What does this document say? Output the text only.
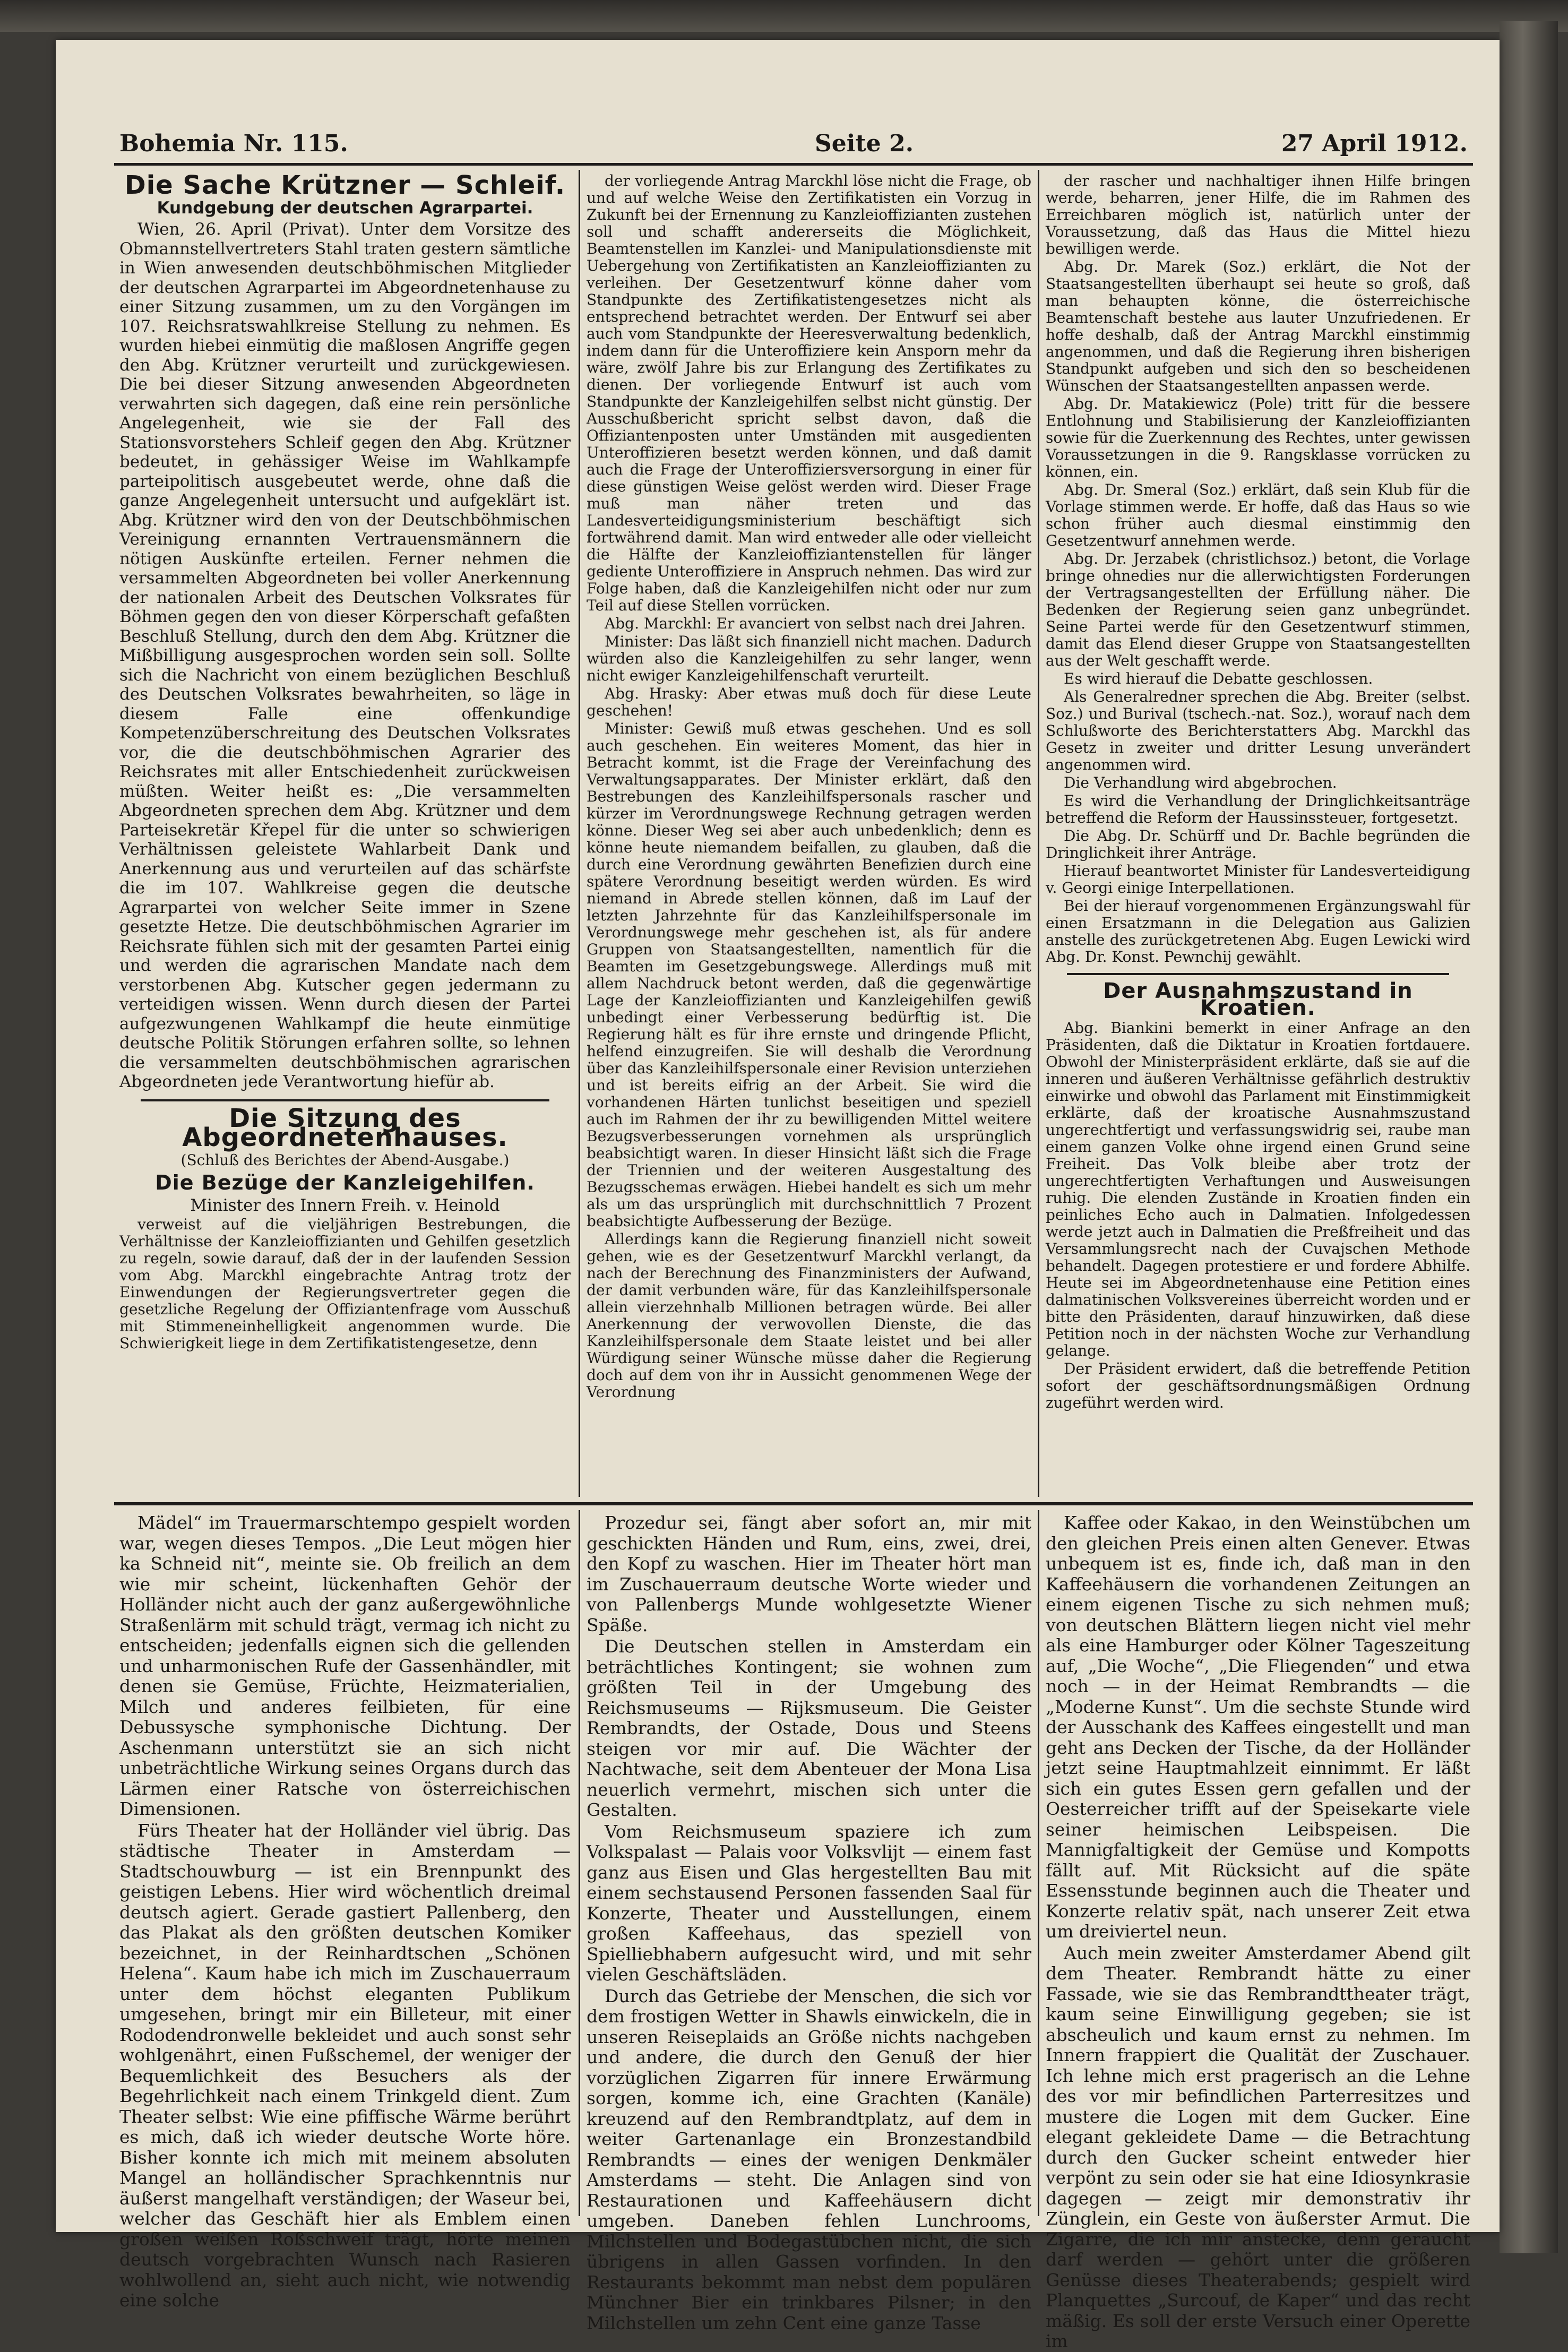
Bohemia Nr. 115.	Seite 2.	27 April 1912.
Die Sache Krützner — Schleif.
Kundgebung der deutschen Agrarpartei.

Wien, 26. April (Privat). Unter dem Vorsitze des Obmannstellvertreters Stahl traten gestern sämtliche in Wien anwesenden deutschböhmischen Mitglieder der deutschen Agrarpartei im Abgeordnetenhause zu einer Sitzung zusammen, um zu den Vorgängen im 107. Reichsratswahlkreise Stellung zu nehmen. Es wurden hiebei einmütig die maßlosen Angriffe gegen den Abg. Krützner verurteilt und zurückgewiesen. Die bei dieser Sitzung anwesenden Abgeordneten verwahrten sich dagegen, daß eine rein persönliche Angelegenheit, wie sie der Fall des Stationsvorstehers Schleif gegen den Abg. Krützner bedeutet, in gehässiger Weise im Wahlkampfe parteipolitisch ausgebeutet werde, ohne daß die ganze Angelegenheit untersucht und aufgeklärt ist. Abg. Krützner wird den von der Deutschböhmischen Vereinigung ernannten Vertrauensmännern die nötigen Auskünfte erteilen. Ferner nehmen die versammelten Abgeordneten bei voller Anerkennung der nationalen Arbeit des Deutschen Volksrates für Böhmen gegen den von dieser Körperschaft gefaßten Beschluß Stellung, durch den dem Abg. Krützner die Mißbilligung ausgesprochen worden sein soll. Sollte sich die Nachricht von einem bezüglichen Beschluß des Deutschen Volksrates bewahrheiten, so läge in diesem Falle eine offenkundige Kompetenzüberschreitung des Deutschen Volksrates vor, die die deutschböhmischen Agrarier des Reichsrates mit aller Entschiedenheit zurückweisen müßten. Weiter heißt es: „Die versammelten Abgeordneten sprechen dem Abg. Krützner und dem Parteisekretär Křepel für die unter so schwierigen Verhältnissen geleistete Wahlarbeit Dank und Anerkennung aus und verurteilen auf das schärfste die im 107. Wahlkreise gegen die deutsche Agrarpartei von welcher Seite immer in Szene gesetzte Hetze. Die deutschböhmischen Agrarier im Reichsrate fühlen sich mit der gesamten Partei einig und werden die agrarischen Mandate nach dem verstorbenen Abg. Kutscher gegen jedermann zu verteidigen wissen. Wenn durch diesen der Partei aufgezwungenen Wahlkampf die heute einmütige deutsche Politik Störungen erfahren sollte, so lehnen die versammelten deutschböhmischen agrarischen Abgeordneten jede Verantwortung hiefür ab.

Die Sitzung des Abgeordnetenhauses.
(Schluß des Berichtes der Abend-Ausgabe.)
Die Bezüge der Kanzleigehilfen.

Minister des Innern Freih. v. Heinold

verweist auf die vieljährigen Bestrebungen, die Verhältnisse der Kanzleioffizianten und Gehilfen gesetzlich zu regeln, sowie darauf, daß der in der laufenden Session vom Abg. Marckhl eingebrachte Antrag trotz der Einwendungen der Regierungsvertreter gegen die gesetzliche Regelung der Offiziantenfrage vom Ausschuß mit Stimmeneinhelligkeit angenommen wurde. Die Schwierigkeit liege in dem Zertifikatistengesetze, denn

der vorliegende Antrag Marckhl löse nicht die Frage, ob und auf welche Weise den Zertifikatisten ein Vorzug in Zukunft bei der Ernennung zu Kanzleioffizianten zustehen soll und schafft andererseits die Möglichkeit, Beamtenstellen im Kanzlei- und Manipulationsdienste mit Uebergehung von Zertifikatisten an Kanzleioffizianten zu verleihen. Der Gesetzentwurf könne daher vom Standpunkte des Zertifikatistengesetzes nicht als entsprechend betrachtet werden. Der Entwurf sei aber auch vom Standpunkte der Heeresverwaltung bedenklich, indem dann für die Unteroffiziere kein Ansporn mehr da wäre, zwölf Jahre bis zur Erlangung des Zertifikates zu dienen. Der vorliegende Entwurf ist auch vom Standpunkte der Kanzleigehilfen selbst nicht günstig. Der Ausschußbericht spricht selbst davon, daß die Offiziantenposten unter Umständen mit ausgedienten Unteroffizieren besetzt werden können, und daß damit auch die Frage der Unteroffiziersversorgung in einer für diese günstigen Weise gelöst werden wird. Dieser Frage muß man näher treten und das Landesverteidigungsministerium beschäftigt sich fortwährend damit. Man wird entweder alle oder vielleicht die Hälfte der Kanzleioffiziantenstellen für länger gediente Unteroffiziere in Anspruch nehmen. Das wird zur Folge haben, daß die Kanzleigehilfen nicht oder nur zum Teil auf diese Stellen vorrücken.

Abg. Marckhl: Er avanciert von selbst nach drei Jahren.

Minister: Das läßt sich finanziell nicht machen. Dadurch würden also die Kanzleigehilfen zu sehr langer, wenn nicht ewiger Kanzleigehilfenschaft verurteilt.

Abg. Hrasky: Aber etwas muß doch für diese Leute geschehen!

Minister: Gewiß muß etwas geschehen. Und es soll auch geschehen. Ein weiteres Moment, das hier in Betracht kommt, ist die Frage der Vereinfachung des Verwaltungsapparates. Der Minister erklärt, daß den Bestrebungen des Kanzleihilfspersonals rascher und kürzer im Verordnungswege Rechnung getragen werden könne. Dieser Weg sei aber auch unbedenklich; denn es könne heute niemandem beifallen, zu glauben, daß die durch eine Verordnung gewährten Benefizien durch eine spätere Verordnung beseitigt werden würden. Es wird niemand in Abrede stellen können, daß im Lauf der letzten Jahrzehnte für das Kanzleihilfspersonale im Verordnungswege mehr geschehen ist, als für andere Gruppen von Staatsangestellten, namentlich für die Beamten im Gesetzgebungswege. Allerdings muß mit allem Nachdruck betont werden, daß die gegenwärtige Lage der Kanzleioffizianten und Kanzleigehilfen gewiß unbedingt einer Verbesserung bedürftig ist. Die Regierung hält es für ihre ernste und dringende Pflicht, helfend einzugreifen. Sie will deshalb die Verordnung über das Kanzleihilfspersonale einer Revision unterziehen und ist bereits eifrig an der Arbeit. Sie wird die vorhandenen Härten tunlichst beseitigen und speziell auch im Rahmen der ihr zu bewilligenden Mittel weitere Bezugsverbesserungen vornehmen als ursprünglich beabsichtigt waren. In dieser Hinsicht läßt sich die Frage der Triennien und der weiteren Ausgestaltung des Bezugsschemas erwägen. Hiebei handelt es sich um mehr als um das ursprünglich mit durchschnittlich 7 Prozent beabsichtigte Aufbesserung der Bezüge.

Allerdings kann die Regierung finanziell nicht soweit gehen, wie es der Gesetzentwurf Marckhl verlangt, da nach der Berechnung des Finanzministers der Aufwand, der damit verbunden wäre, für das Kanzleihilfspersonale allein vierzehnhalb Millionen betragen würde. Bei aller Anerkennung der verwovollen Dienste, die das Kanzleihilfspersonale dem Staate leistet und bei aller Würdigung seiner Wünsche müsse daher die Regierung doch auf dem von ihr in Aussicht genommenen Wege der Verordnung

der rascher und nachhaltiger ihnen Hilfe bringen werde, beharren, jener Hilfe, die im Rahmen des Erreichbaren möglich ist, natürlich unter der Voraussetzung, daß das Haus die Mittel hiezu bewilligen werde.

Abg. Dr. Marek (Soz.) erklärt, die Not der Staatsangestellten überhaupt sei heute so groß, daß man behaupten könne, die österreichische Beamtenschaft bestehe aus lauter Unzufriedenen. Er hoffe deshalb, daß der Antrag Marckhl einstimmig angenommen, und daß die Regierung ihren bisherigen Standpunkt aufgeben und sich den so bescheidenen Wünschen der Staatsangestellten anpassen werde.

Abg. Dr. Matakiewicz (Pole) tritt für die bessere Entlohnung und Stabilisierung der Kanzleioffizianten sowie für die Zuerkennung des Rechtes, unter gewissen Voraussetzungen in die 9. Rangsklasse vorrücken zu können, ein.

Abg. Dr. Smeral (Soz.) erklärt, daß sein Klub für die Vorlage stimmen werde. Er hoffe, daß das Haus so wie schon früher auch diesmal einstimmig den Gesetzentwurf annehmen werde.

Abg. Dr. Jerzabek (christlichsoz.) betont, die Vorlage bringe ohnedies nur die allerwichtigsten Forderungen der Vertragsangestellten der Erfüllung näher. Die Bedenken der Regierung seien ganz unbegründet. Seine Partei werde für den Gesetzentwurf stimmen, damit das Elend dieser Gruppe von Staatsangestellten aus der Welt geschafft werde.

Es wird hierauf die Debatte geschlossen.

Als Generalredner sprechen die Abg. Breiter (selbst. Soz.) und Burival (tschech.-nat. Soz.), worauf nach dem Schlußworte des Berichterstatters Abg. Marckhl das Gesetz in zweiter und dritter Lesung unverändert angenommen wird.

Die Verhandlung wird abgebrochen.

Es wird die Verhandlung der Dringlichkeitsanträge betreffend die Reform der Haussinssteuer, fortgesetzt.

Die Abg. Dr. Schürff und Dr. Bachle begründen die Dringlichkeit ihrer Anträge.

Hierauf beantwortet Minister für Landesverteidigung v. Georgi einige Interpellationen.

Bei der hierauf vorgenommenen Ergänzungswahl für einen Ersatzmann in die Delegation aus Galizien anstelle des zurückgetretenen Abg. Eugen Lewicki wird Abg. Dr. Konst. Pewnchij gewählt.

Der Ausnahmszustand in Kroatien.

Abg. Biankini bemerkt in einer Anfrage an den Präsidenten, daß die Diktatur in Kroatien fortdauere. Obwohl der Ministerpräsident erklärte, daß sie auf die inneren und äußeren Verhältnisse gefährlich destruktiv einwirke und obwohl das Parlament mit Einstimmigkeit erklärte, daß der kroatische Ausnahmszustand ungerechtfertigt und verfassungswidrig sei, raube man einem ganzen Volke ohne irgend einen Grund seine Freiheit. Das Volk bleibe aber trotz der ungerechtfertigten Verhaftungen und Ausweisungen ruhig. Die elenden Zustände in Kroatien finden ein peinliches Echo auch in Dalmatien. Infolgedessen werde jetzt auch in Dalmatien die Preßfreiheit und das Versammlungsrecht nach der Cuvajschen Methode behandelt. Dagegen protestiere er und fordere Abhilfe. Heute sei im Abgeordnetenhause eine Petition eines dalmatinischen Volksvereines überreicht worden und er bitte den Präsidenten, darauf hinzuwirken, daß diese Petition noch in der nächsten Woche zur Verhandlung gelange.

Der Präsident erwidert, daß die betreffende Petition sofort der geschäftsordnungsmäßigen Ordnung zugeführt werden wird.

Mädel“ im Trauermarschtempo gespielt worden war, wegen dieses Tempos. „Die Leut mögen hier ka Schneid nit“, meinte sie. Ob freilich an dem wie mir scheint, lückenhaften Gehör der Holländer nicht auch der ganz außergewöhnliche Straßenlärm mit schuld trägt, vermag ich nicht zu entscheiden; jedenfalls eignen sich die gellenden und unharmonischen Rufe der Gassenhändler, mit denen sie Gemüse, Früchte, Heizmaterialien, Milch und anderes feilbieten, für eine Debussysche symphonische Dichtung. Der Aschenmann unterstützt sie an sich nicht unbeträchtliche Wirkung seines Organs durch das Lärmen einer Ratsche von österreichischen Dimensionen.

Fürs Theater hat der Holländer viel übrig. Das städtische Theater in Amsterdam — Stadtschouwburg — ist ein Brennpunkt des geistigen Lebens. Hier wird wöchentlich dreimal deutsch agiert. Gerade gastiert Pallenberg, den das Plakat als den größten deutschen Komiker bezeichnet, in der Reinhardtschen „Schönen Helena“. Kaum habe ich mich im Zuschauerraum unter dem höchst eleganten Publikum umgesehen, bringt mir ein Billeteur, mit einer Rododendronwelle bekleidet und auch sonst sehr wohlgenährt, einen Fußschemel, der weniger der Bequemlichkeit des Besuchers als der Begehrlichkeit nach einem Trinkgeld dient. Zum Theater selbst: Wie eine pfiffische Wärme berührt es mich, daß ich wieder deutsche Worte höre. Bisher konnte ich mich mit meinem absoluten Mangel an holländischer Sprachkenntnis nur äußerst mangelhaft verständigen; der Waseur bei, welcher das Geschäft hier als Emblem einen großen weißen Roßschweif trägt, hörte meinen deutsch vorgebrachten Wunsch nach Rasieren wohlwollend an, sieht auch nicht, wie notwendig eine solche

Prozedur sei, fängt aber sofort an, mir mit geschickten Händen und Rum, eins, zwei, drei, den Kopf zu waschen. Hier im Theater hört man im Zuschauerraum deutsche Worte wieder und von Pallenbergs Munde wohlgesetzte Wiener Späße.

Die Deutschen stellen in Amsterdam ein beträchtliches Kontingent; sie wohnen zum größten Teil in der Umgebung des Reichsmuseums — Rijksmuseum. Die Geister Rembrandts, der Ostade, Dous und Steens steigen vor mir auf. Die Wächter der Nachtwache, seit dem Abenteuer der Mona Lisa neuerlich vermehrt, mischen sich unter die Gestalten.

Vom Reichsmuseum spaziere ich zum Volkspalast — Palais voor Volksvlijt — einem fast ganz aus Eisen und Glas hergestellten Bau mit einem sechstausend Personen fassenden Saal für Konzerte, Theater und Ausstellungen, einem großen Kaffeehaus, das speziell von Spielliebhabern aufgesucht wird, und mit sehr vielen Geschäftsläden.

Durch das Getriebe der Menschen, die sich vor dem frostigen Wetter in Shawls einwickeln, die in unseren Reiseplaids an Größe nichts nachgeben und andere, die durch den Genuß der hier vorzüglichen Zigarren für innere Erwärmung sorgen, komme ich, eine Grachten (Kanäle) kreuzend auf den Rembrandtplatz, auf dem in weiter Gartenanlage ein Bronzestandbild Rembrandts — eines der wenigen Denkmäler Amsterdams — steht. Die Anlagen sind von Restaurationen und Kaffeehäusern dicht umgeben. Daneben fehlen Lunchrooms, Milchstellen und Bodegastübchen nicht, die sich übrigens in allen Gassen vorfinden. In den Restaurants bekommt man nebst dem populären Münchner Bier ein trinkbares Pilsner; in den Milchstellen um zehn Cent eine ganze Tasse

Kaffee oder Kakao, in den Weinstübchen um den gleichen Preis einen alten Genever. Etwas unbequem ist es, finde ich, daß man in den Kaffeehäusern die vorhandenen Zeitungen an einem eigenen Tische zu sich nehmen muß; von deutschen Blättern liegen nicht viel mehr als eine Hamburger oder Kölner Tageszeitung auf, „Die Woche“, „Die Fliegenden“ und etwa noch — in der Heimat Rembrandts — die „Moderne Kunst“. Um die sechste Stunde wird der Ausschank des Kaffees eingestellt und man geht ans Decken der Tische, da der Holländer jetzt seine Hauptmahlzeit einnimmt. Er läßt sich ein gutes Essen gern gefallen und der Oesterreicher trifft auf der Speisekarte viele seiner heimischen Leibspeisen. Die Mannigfaltigkeit der Gemüse und Kompotts fällt auf. Mit Rücksicht auf die späte Essensstunde beginnen auch die Theater und Konzerte relativ spät, nach unserer Zeit etwa um dreiviertel neun.

Auch mein zweiter Amsterdamer Abend gilt dem Theater. Rembrandt hätte zu einer Fassade, wie sie das Rembrandttheater trägt, kaum seine Einwilligung gegeben; sie ist abscheulich und kaum ernst zu nehmen. Im Innern frappiert die Qualität der Zuschauer. Ich lehne mich erst pragerisch an die Lehne des vor mir befindlichen Parterresitzes und mustere die Logen mit dem Gucker. Eine elegant gekleidete Dame — die Betrachtung durch den Gucker scheint entweder hier verpönt zu sein oder sie hat eine Idiosynkrasie dagegen — zeigt mir demonstrativ ihr Zünglein, ein Geste von äußerster Armut. Die Zigarre, die ich mir anstecke, denn geraucht darf werden — gehört unter die größeren Genüsse dieses Theaterabends; gespielt wird Planquettes „Surcouf, de Kaper“ und das recht mäßig. Es soll der erste Versuch einer Operette im
